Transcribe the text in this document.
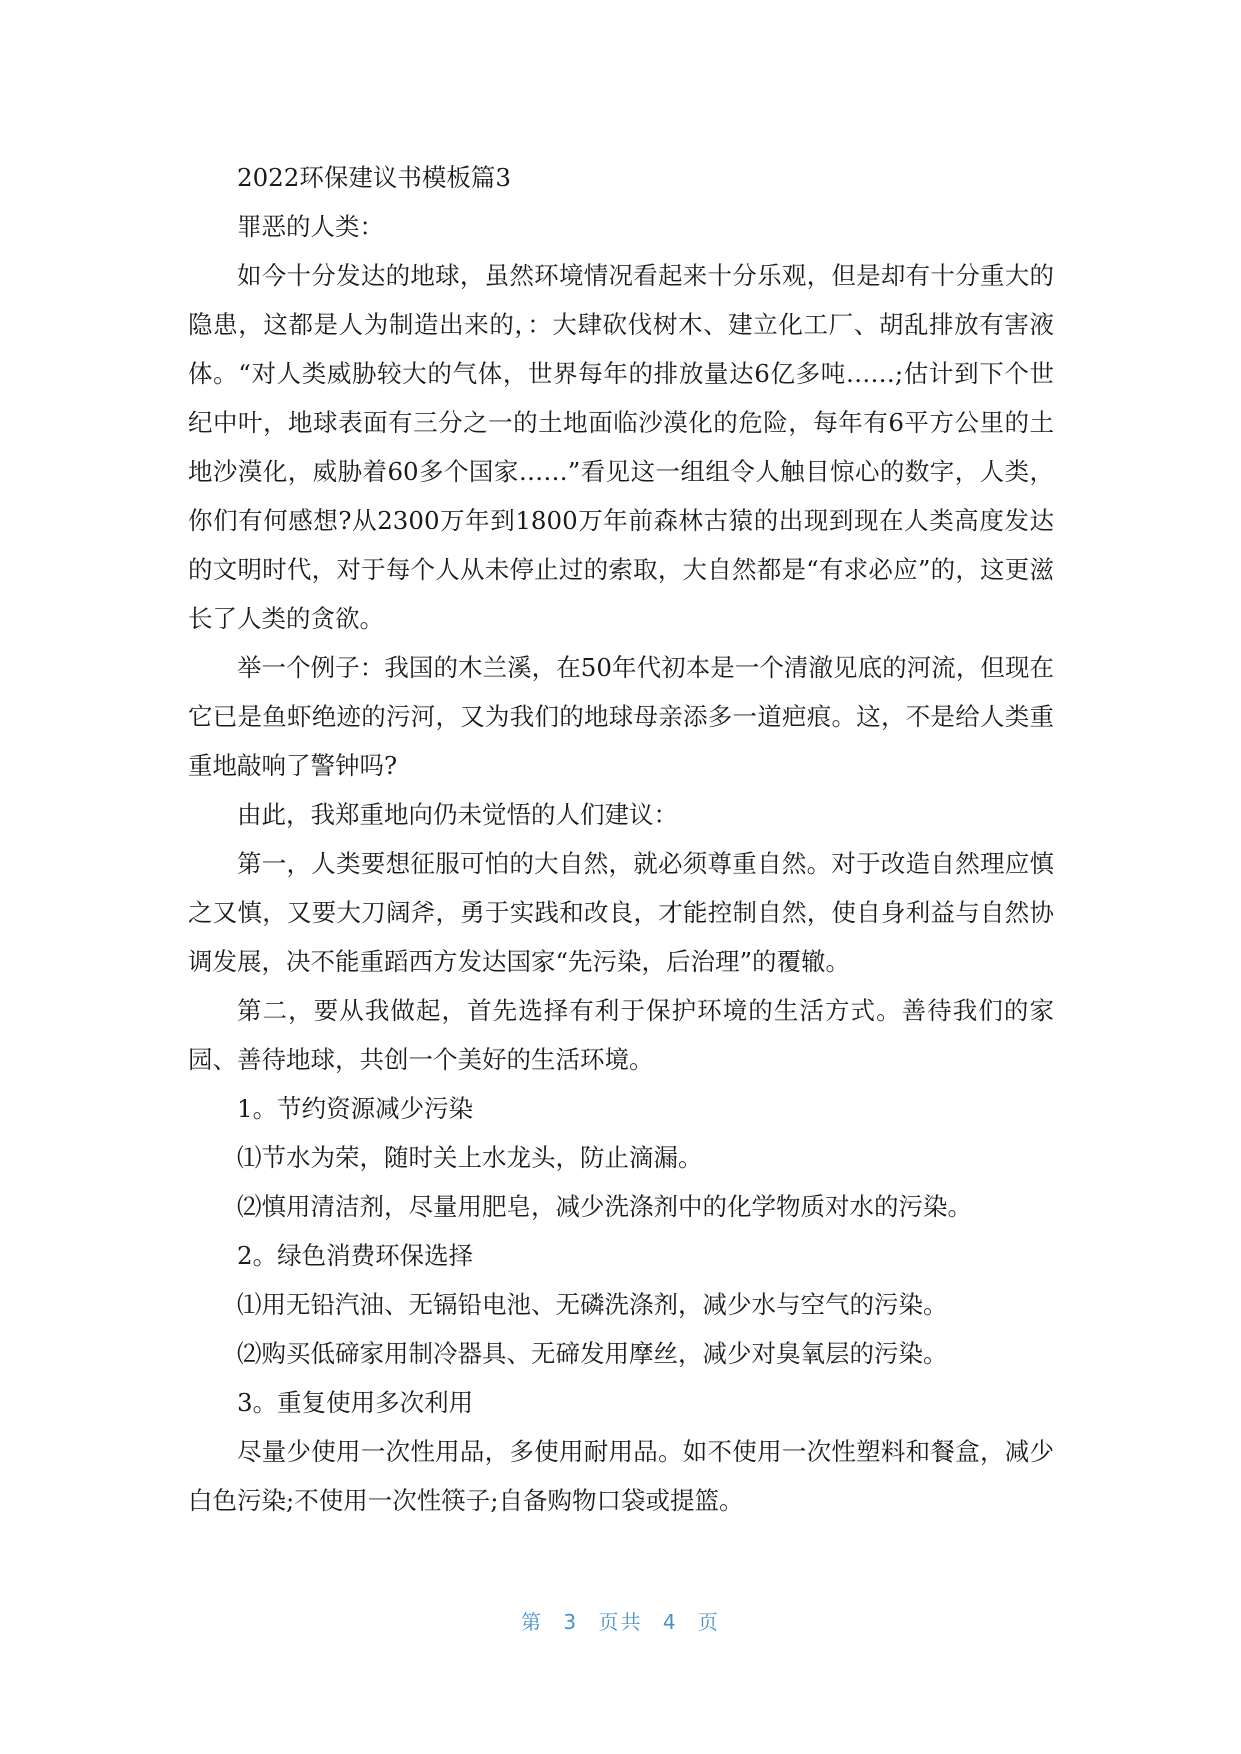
2022环保建议书模板篇3

罪恶的人类：

如今十分发达的地球，虽然环境情况看起来十分乐观，但是却有十分重大的隐患，这都是人为制造出来的，：大肆砍伐树木、建立化工厂、胡乱排放有害液体。“对人类威胁较大的气体，世界每年的排放量达6亿多吨……;估计到下个世纪中叶，地球表面有三分之一的土地面临沙漠化的危险，每年有6平方公里的土地沙漠化，威胁着60多个国家……”看见这一组组令人触目惊心的数字，人类，你们有何感想?从2300万年到1800万年前森林古猿的出现到现在人类高度发达的文明时代，对于每个人从未停止过的索取，大自然都是“有求必应”的，这更滋长了人类的贪欲。

举一个例子：我国的木兰溪，在50年代初本是一个清澈见底的河流，但现在它已是鱼虾绝迹的污河，又为我们的地球母亲添多一道疤痕。这，不是给人类重重地敲响了警钟吗?

由此，我郑重地向仍未觉悟的人们建议：

第一，人类要想征服可怕的大自然，就必须尊重自然。对于改造自然理应慎之又慎，又要大刀阔斧，勇于实践和改良，才能控制自然，使自身利益与自然协调发展，决不能重蹈西方发达国家“先污染，后治理”的覆辙。

第二，要从我做起，首先选择有利于保护环境的生活方式。善待我们的家园、善待地球，共创一个美好的生活环境。

1。节约资源减少污染

⑴节水为荣，随时关上水龙头，防止滴漏。

⑵慎用清洁剂，尽量用肥皂，减少洗涤剂中的化学物质对水的污染。

2。绿色消费环保选择

⑴用无铅汽油、无镉铅电池、无磷洗涤剂，减少水与空气的污染。

⑵购买低碲家用制冷器具、无碲发用摩丝，减少对臭氧层的污染。

3。重复使用多次利用

尽量少使用一次性用品，多使用耐用品。如不使用一次性塑料和餐盒，减少白色污染;不使用一次性筷子;自备购物口袋或提篮。

第 3 页共 4 页
